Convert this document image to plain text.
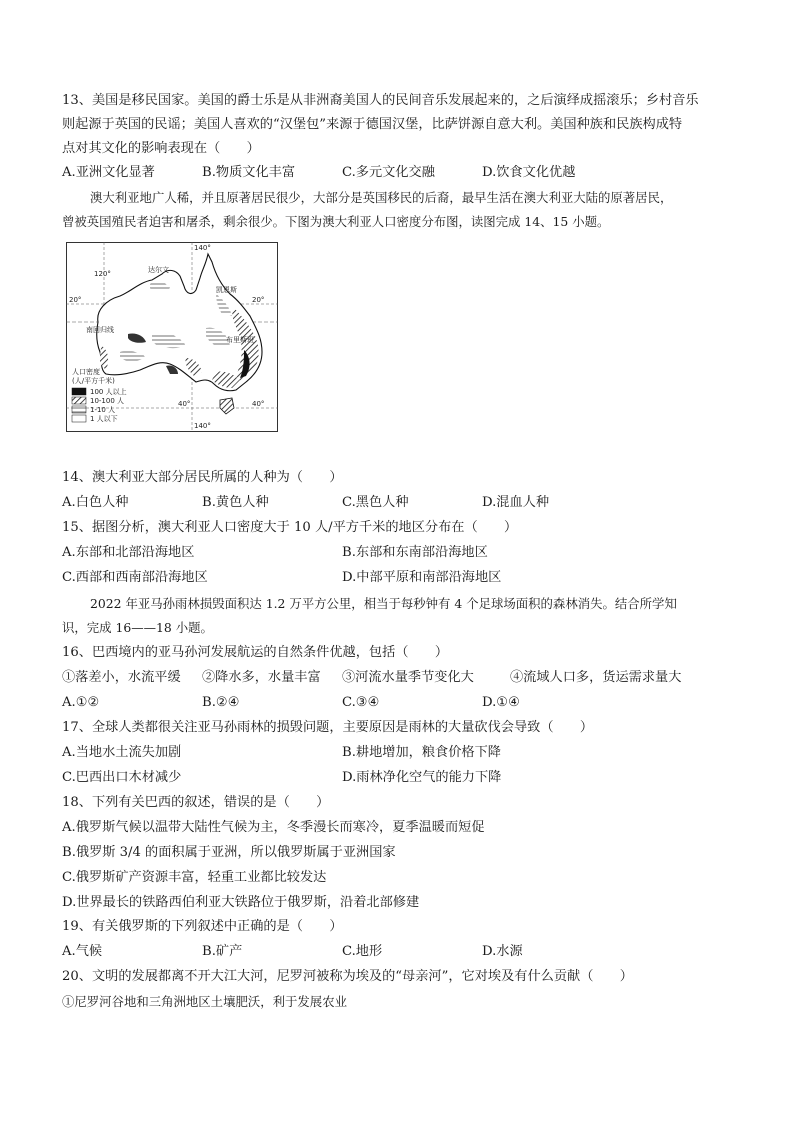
13、美国是移民国家。美国的爵士乐是从非洲裔美国人的民间音乐发展起来的，之后演绎成摇滚乐；乡村音乐
则起源于英国的民谣；美国人喜欢的“汉堡包”来源于德国汉堡，比萨饼源自意大利。美国种族和民族构成特
点对其文化的影响表现在（　　）
A.亚洲文化显著	B.物质文化丰富	C.多元文化交融	D.饮食文化优越
澳大利亚地广人稀，并且原著居民很少，大部分是英国移民的后裔，最早生活在澳大利亚大陆的原著居民，
曾被英国殖民者迫害和屠杀，剩余很少。下图为澳大利亚人口密度分布图，读图完成 14、15 小题。
140°
120°
20°	20°
达尔文
凯恩斯
南回归线
布里斯班
40°	40°
140°
人口密度
(人/平方千米)
100 人以上
10-100 人
1-10 人
1 人以下
14、澳大利亚大部分居民所属的人种为（　　）
A.白色人种	B.黄色人种	C.黑色人种	D.混血人种
15、据图分析，澳大利亚人口密度大于 10 人/平方千米的地区分布在（　　）
A.东部和北部沿海地区	B.东部和东南部沿海地区
C.西部和西南部沿海地区	D.中部平原和南部沿海地区
2022 年亚马孙雨林损毁面积达 1.2 万平方公里，相当于每秒钟有 4 个足球场面积的森林消失。结合所学知
识，完成 16——18 小题。
16、巴西境内的亚马孙河发展航运的自然条件优越，包括（　　）
①落差小，水流平缓 ②降水多，水量丰富 ③河流水量季节变化大	④流域人口多，货运需求量大
A.①②	B.②④	C.③④	D.①④
17、全球人类都很关注亚马孙雨林的损毁问题，主要原因是雨林的大量砍伐会导致（　　）
A.当地水土流失加剧	B.耕地增加，粮食价格下降
C.巴西出口木材减少	D.雨林净化空气的能力下降
18、下列有关巴西的叙述，错误的是（　　）
A.俄罗斯气候以温带大陆性气候为主，冬季漫长而寒冷，夏季温暖而短促
B.俄罗斯 3/4 的面积属于亚洲，所以俄罗斯属于亚洲国家
C.俄罗斯矿产资源丰富，轻重工业都比较发达
D.世界最长的铁路西伯利亚大铁路位于俄罗斯，沿着北部修建
19、有关俄罗斯的下列叙述中正确的是（　　）
A.气候	B.矿产	C.地形	D.水源
20、文明的发展都离不开大江大河，尼罗河被称为埃及的“母亲河”，它对埃及有什么贡献（　　）
①尼罗河谷地和三角洲地区土壤肥沃，利于发展农业
